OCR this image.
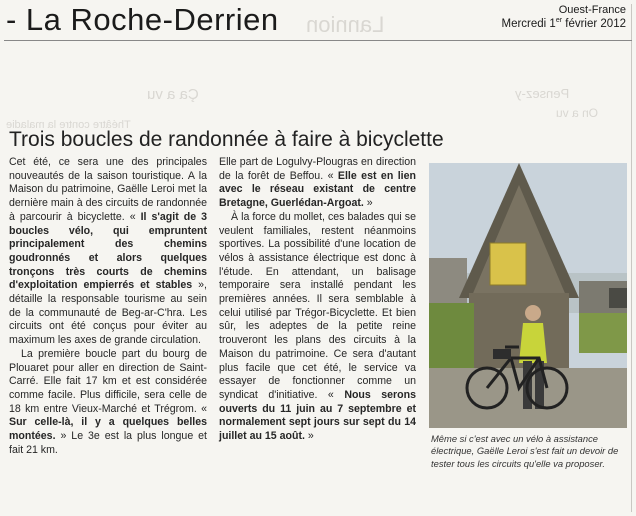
- La Roche-Derrien Lannion
Ouest-France
Mercredi 1er février 2012
Ça a vu	Pensez-y
On a vu
Théâtre contre la maladie
Trois boucles de randonnée à faire à bicyclette

Cet été, ce sera une des principales nouveautés de la saison touristique. A la Maison du patrimoine, Gaëlle Leroi met la dernière main à des circuits de randonnée à parcourir à bicyclette. « Il s'agit de 3 boucles vélo, qui empruntent principalement des chemins goudronnés et alors quelques tronçons très courts de chemins d'exploitation empierrés et stables », détaille la responsable tourisme au sein de la communauté de Beg-ar-C'hra. Les circuits ont été conçus pour éviter au maximum les axes de grande circulation.

La première boucle part du bourg de Plouaret pour aller en direction de Saint-Carré. Elle fait 17 km et est considérée comme facile. Plus difficile, sera celle de 18 km entre Vieux-Marché et Trégrom. « Sur celle-là, il y a quelques belles montées. » Le 3e est la plus longue et fait 21 km.

Elle part de Logulvy-Plougras en direction de la forêt de Beffou. « Elle est en lien avec le réseau existant de centre Bretagne, Guerlédan-Argoat. »

À la force du mollet, ces balades qui se veulent familiales, restent néanmoins sportives. La possibilité d'une location de vélos à assistance électrique est donc à l'étude. En attendant, un balisage temporaire sera installé pendant les premières années. Il sera semblable à celui utilisé par Trégor-Bicyclette. Et bien sûr, les adeptes de la petite reine trouveront les plans des circuits à la Maison du patrimoine. Ce sera d'autant plus facile que cet été, le service va essayer de fonctionner comme un syndicat d'initiative. « Nous serons ouverts du 11 juin au 7 septembre et normalement sept jours sur sept du 14 juillet au 15 août. »	Même si c'est avec un vélo à assistance électrique, Gaëlle Leroi s'est fait un devoir de tester tous les circuits qu'elle va proposer.
